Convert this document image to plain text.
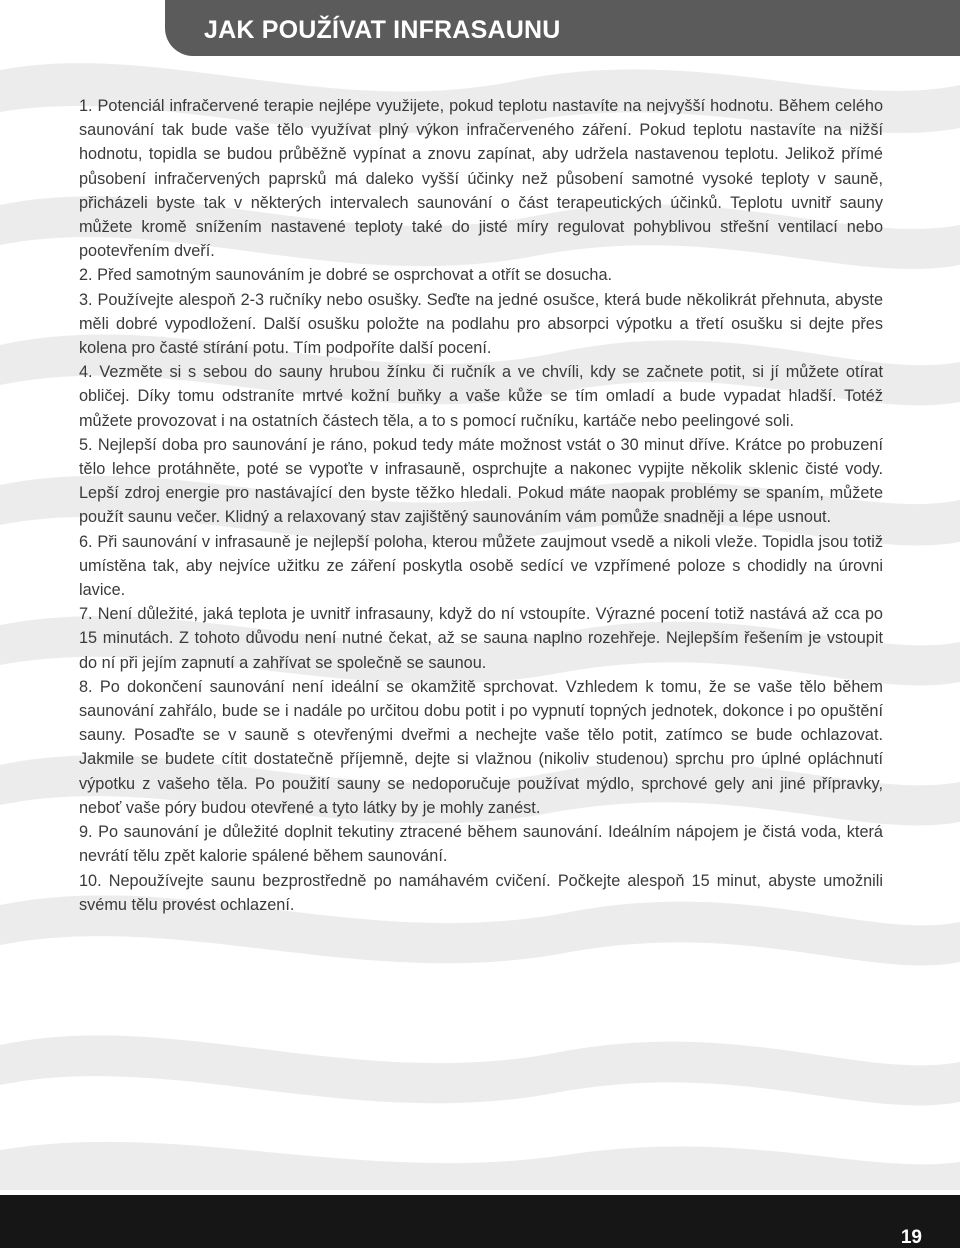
JAK POUŽÍVAT INFRASAUNU

1. Potenciál infračervené terapie nejlépe využijete, pokud teplotu nastavíte na nejvyšší hodnotu. Během celého saunování tak bude vaše tělo využívat plný výkon infračerveného záření. Pokud teplotu nastavíte na nižší hodnotu, topidla se budou průběžně vypínat a znovu zapínat, aby udržela nastavenou teplotu. Jelikož přímé působení infračervených paprsků má daleko vyšší účinky než působení samotné vysoké teploty v sauně, přicházeli byste tak v některých intervalech saunování o část terapeutických účinků. Teplotu uvnitř sauny můžete kromě snížením nastavené teploty také do jisté míry regulovat pohyblivou střešní ventilací nebo pootevřením dveří.

2. Před samotným saunováním je dobré se osprchovat a otřít se dosucha.

3. Používejte alespoň 2-3 ručníky nebo osušky. Seďte na jedné osušce, která bude několikrát přehnuta, abyste měli dobré vypodložení. Další osušku položte na podlahu pro absorpci výpotku a třetí osušku si dejte přes kolena pro časté stírání potu. Tím podpoříte další pocení.

4. Vezměte si s sebou do sauny hrubou žínku či ručník a ve chvíli, kdy se začnete potit, si jí můžete otírat obličej. Díky tomu odstraníte mrtvé kožní buňky a vaše kůže se tím omladí a bude vypadat hladší. Totéž můžete provozovat i na ostatních částech těla, a to s pomocí ručníku, kartáče nebo peelingové soli.

5. Nejlepší doba pro saunování je ráno, pokud tedy máte možnost vstát o 30 minut dříve. Krátce po probuzení tělo lehce protáhněte, poté se vypoťte v infrasauně, osprchujte a nakonec vypijte několik sklenic čisté vody. Lepší zdroj energie pro nastávající den byste těžko hledali. Pokud máte naopak problémy se spaním, můžete použít saunu večer. Klidný a relaxovaný stav zajištěný saunováním vám pomůže snadněji a lépe usnout.

6. Při saunování v infrasauně je nejlepší poloha, kterou můžete zaujmout vsedě a nikoli vleže. Topidla jsou totiž umístěna tak, aby nejvíce užitku ze záření poskytla osobě sedící ve vzpřímené poloze s chodidly na úrovni lavice.

7. Není důležité, jaká teplota je uvnitř infrasauny, když do ní vstoupíte. Výrazné pocení totiž nastává až cca po 15 minutách. Z tohoto důvodu není nutné čekat, až se sauna naplno rozehřeje. Nejlepším řešením je vstoupit do ní při jejím zapnutí a zahřívat se společně se saunou.

8. Po dokončení saunování není ideální se okamžitě sprchovat. Vzhledem k tomu, že se vaše tělo během saunování zahřálo, bude se i nadále po určitou dobu potit i po vypnutí topných jednotek, dokonce i po opuštění sauny. Posaďte se v sauně s otevřenými dveřmi a nechejte vaše tělo potit, zatímco se bude ochlazovat. Jakmile se budete cítit dostatečně příjemně, dejte si vlažnou (nikoliv studenou) sprchu pro úplné opláchnutí výpotku z vašeho těla. Po použití sauny se nedoporučuje používat mýdlo, sprchové gely ani jiné přípravky, neboť vaše póry budou otevřené a tyto látky by je mohly zanést.

9. Po saunování je důležité doplnit tekutiny ztracené během saunování. Ideálním nápojem je čistá voda, která nevrátí tělu zpět kalorie spálené během saunování.

10. Nepoužívejte saunu bezprostředně po namáhavém cvičení. Počkejte alespoň 15 minut, abyste umožnili svému tělu provést ochlazení.

19
